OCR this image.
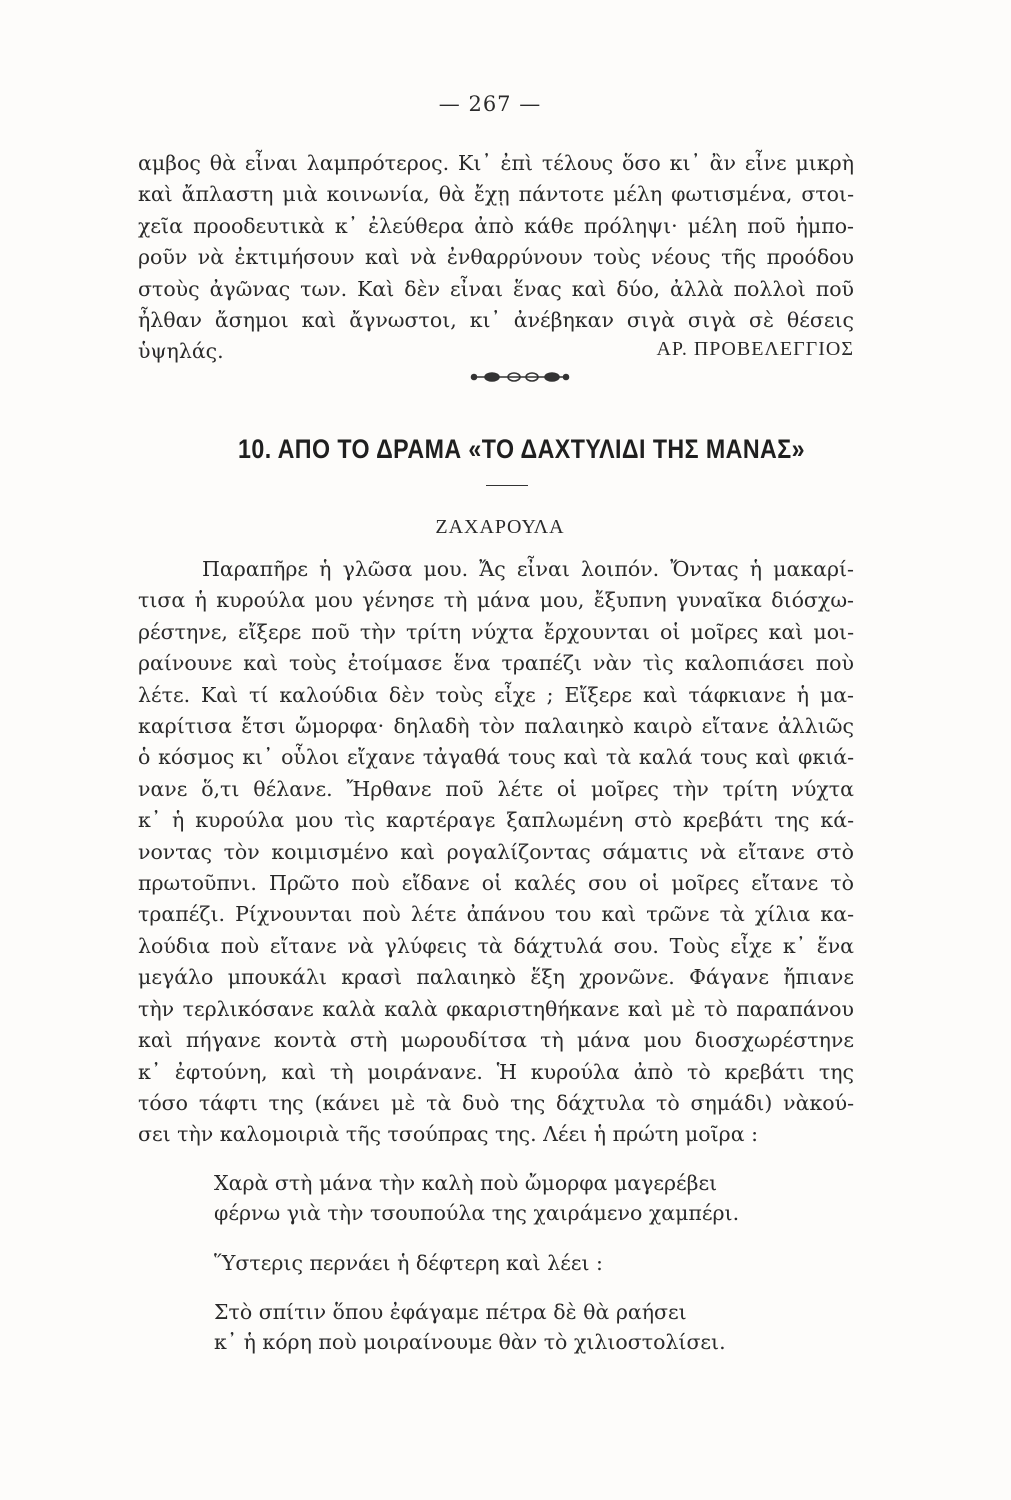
— 267 —
αμβος θὰ εἶναι λαμπρότερος. Κι᾽ ἐπὶ τέλους ὅσο κι᾽ ἂν εἶνε μικρὴ
καὶ ἄπλαστη μιὰ κοινωνία, θὰ ἔχῃ πάντοτε μέλη φωτισμένα, στοι-
χεῖα προοδευτικὰ κ᾽ ἐλεύθερα ἀπὸ κάθε πρόληψι· μέλη ποῦ ἠμπο-
ροῦν νὰ ἐκτιμήσουν καὶ νὰ ἐνθαρρύνουν τοὺς νέους τῆς προόδου
στοὺς ἀγῶνας των. Καὶ δὲν εἶναι ἕνας καὶ δύο, ἀλλὰ πολλοὶ ποῦ
ἦλθαν ἄσημοι καὶ ἄγνωστοι, κι᾽ ἀνέβηκαν σιγὰ σιγὰ σὲ θέσεις
ὑψηλάς.	ΑΡ. ΠΡΟΒΕΛΕΓΓΙΟΣ
10. ΑΠΟ ΤΟ ΔΡΑΜΑ «ΤΟ ΔΑΧΤΥΛΙΔΙ ΤΗΣ ΜΑΝΑΣ»
ΖΑΧΑΡΟΥΛΑ
Παραπῆρε ἡ γλῶσα μου. Ἄς εἶναι λοιπόν. Ὄντας ἡ μακαρί-
τισα ἡ κυρούλα μου γένησε τὴ μάνα μου, ἔξυπνη γυναῖκα διόσχω-
ρέστηνε, εἴξερε ποῦ τὴν τρίτη νύχτα ἔρχουνται οἱ μοῖρες καὶ μοι-
ραίνουνε καὶ τοὺς ἐτοίμασε ἕνα τραπέζι νὰν τὶς καλοπιάσει ποὺ
λέτε. Καὶ τί καλούδια δὲν τοὺς εἶχε ; Εἴξερε καὶ τάφκιανε ἡ μα-
καρίτισα ἔτσι ὤμορφα· δηλαδὴ τὸν παλαιηκὸ καιρὸ εἴτανε ἀλλιῶς
ὁ κόσμος κι᾽ οὗλοι εἴχανε τἀγαθά τους καὶ τὰ καλά τους καὶ φκιά-
νανε ὅ,τι θέλανε. Ἤρθανε ποῦ λέτε οἱ μοῖρες τὴν τρίτη νύχτα
κ᾽ ἡ κυρούλα μου τὶς καρτέραγε ξαπλωμένη στὸ κρεβάτι της κά-
νοντας τὸν κοιμισμένο καὶ ρογαλίζοντας σάματις νὰ εἴτανε στὸ
πρωτοῦπνι. Πρῶτο ποὺ εἴδανε οἱ καλές σου οἱ μοῖρες εἴτανε τὸ
τραπέζι. Ρίχνουνται ποὺ λέτε ἀπάνου του καὶ τρῶνε τὰ χίλια κα-
λούδια ποὺ εἴτανε νὰ γλύφεις τὰ δάχτυλά σου. Τοὺς εἶχε κ᾽ ἕνα
μεγάλο μπουκάλι κρασὶ παλαιηκὸ ἕξη χρονῶνε. Φάγανε ἤπιανε
τὴν τερλικόσανε καλὰ καλὰ φκαριστηθήκανε καὶ μὲ τὸ παραπάνου
καὶ πήγανε κοντὰ στὴ μωρουδίτσα τὴ μάνα μου διοσχωρέστηνε
κ᾽ ἐφτούνη, καὶ τὴ μοιράνανε. Ἡ κυρούλα ἀπὸ τὸ κρεβάτι της
τόσο τάφτι της (κάνει μὲ τὰ δυὸ της δάχτυλα τὸ σημάδι) νὰκού-
σει τὴν καλομοιριὰ τῆς τσούπρας της. Λέει ἡ πρώτη μοῖρα :
Χαρὰ στὴ μάνα τὴν καλὴ ποὺ ὤμορφα μαγερέβει
φέρνω γιὰ τὴν τσουπούλα της χαιράμενο χαμπέρι.
Ὕστερις περνάει ἡ δέφτερη καὶ λέει :
Στὸ σπίτιν ὅπου ἐφάγαμε πέτρα δὲ θὰ ραήσει
κ᾽ ἡ κόρη ποὺ μοιραίνουμε θὰν τὸ χιλιοστολίσει.
